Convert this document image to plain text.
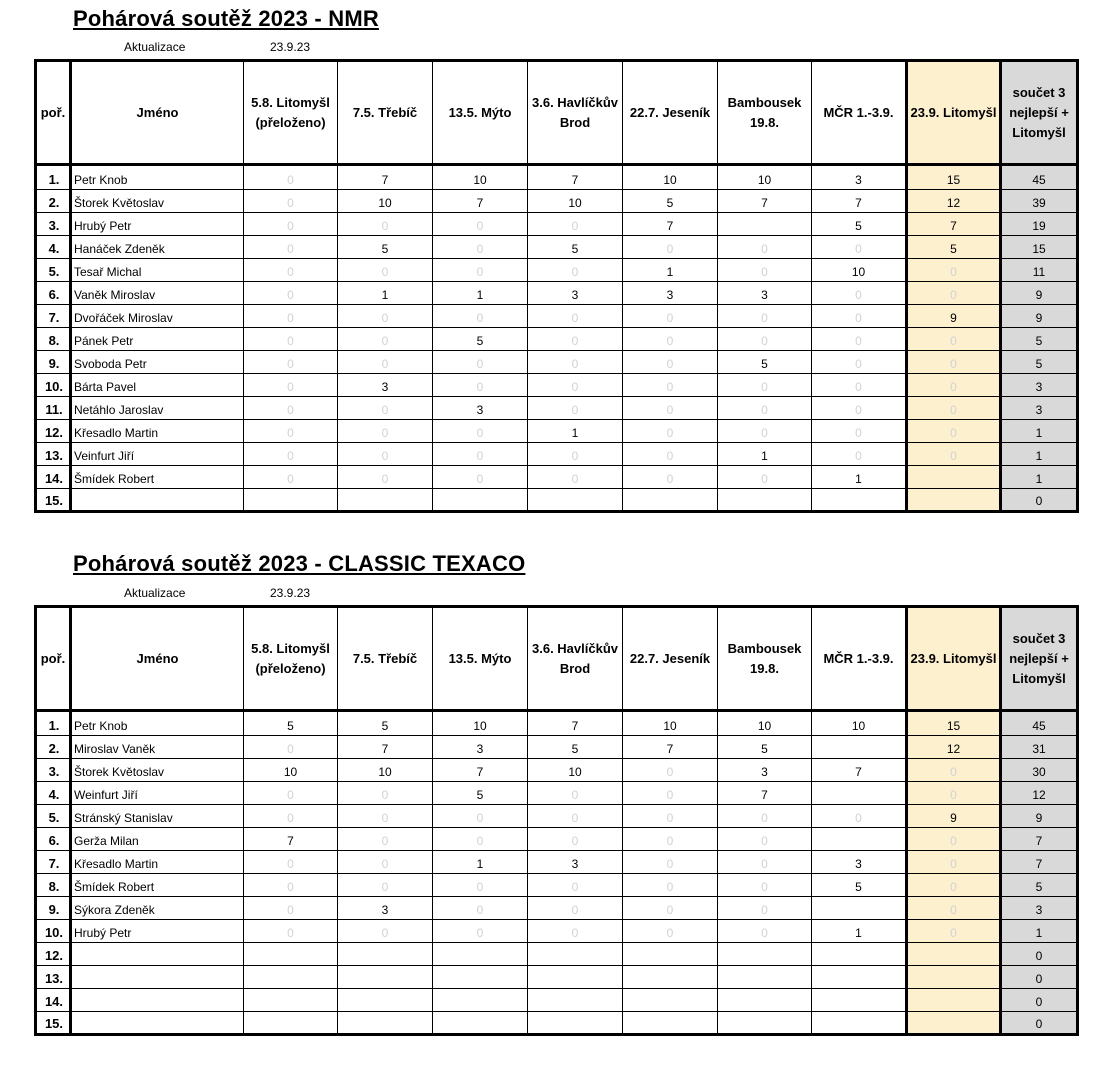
Pohárová soutěž 2023 - NMR
Aktualizace	23.9.23
poř.	Jméno	5.8. Litomyšl (přeloženo)	7.5. Třebíč	13.5. Mýto	3.6. Havlíčkův Brod	22.7. Jeseník	Bambousek 19.8.	MČR 1.-3.9.	23.9. Litomyšl	součet 3 nejlepší + Litomyšl
1.	Petr Knob	0	7	10	7	10	10	3	15	45
2.	Štorek Květoslav	0	10	7	10	5	7	7	12	39
3.	Hrubý Petr	0	0	0	0	7		5	7	19
4.	Hanáček Zdeněk	0	5	0	5	0	0	0	5	15
5.	Tesař Michal	0	0	0	0	1	0	10	0	11
6.	Vaněk Miroslav	0	1	1	3	3	3	0	0	9
7.	Dvořáček Miroslav	0	0	0	0	0	0	0	9	9
8.	Pánek Petr	0	0	5	0	0	0	0	0	5
9.	Svoboda Petr	0	0	0	0	0	5	0	0	5
10.	Bárta Pavel	0	3	0	0	0	0	0	0	3
11.	Netáhlo Jaroslav	0	0	3	0	0	0	0	0	3
12.	Křesadlo Martin	0	0	0	1	0	0	0	0	1
13.	Veinfurt Jiří	0	0	0	0	0	1	0	0	1
14.	Šmídek Robert	0	0	0	0	0	0	1		1
15.										0
Pohárová soutěž 2023 - CLASSIC TEXACO
Aktualizace	23.9.23
poř.	Jméno	5.8. Litomyšl (přeloženo)	7.5. Třebíč	13.5. Mýto	3.6. Havlíčkův Brod	22.7. Jeseník	Bambousek 19.8.	MČR 1.-3.9.	23.9. Litomyšl	součet 3 nejlepší + Litomyšl
1.	Petr Knob	5	5	10	7	10	10	10	15	45
2.	Miroslav Vaněk	0	7	3	5	7	5		12	31
3.	Štorek Květoslav	10	10	7	10	0	3	7	0	30
4.	Weinfurt Jiří	0	0	5	0	0	7		0	12
5.	Stránský Stanislav	0	0	0	0	0	0	0	9	9
6.	Gerža Milan	7	0	0	0	0	0		0	7
7.	Křesadlo Martin	0	0	1	3	0	0	3	0	7
8.	Šmídek Robert	0	0	0	0	0	0	5	0	5
9.	Sýkora Zdeněk	0	3	0	0	0	0		0	3
10.	Hrubý Petr	0	0	0	0	0	0	1	0	1
12.										0
13.										0
14.										0
15.										0
